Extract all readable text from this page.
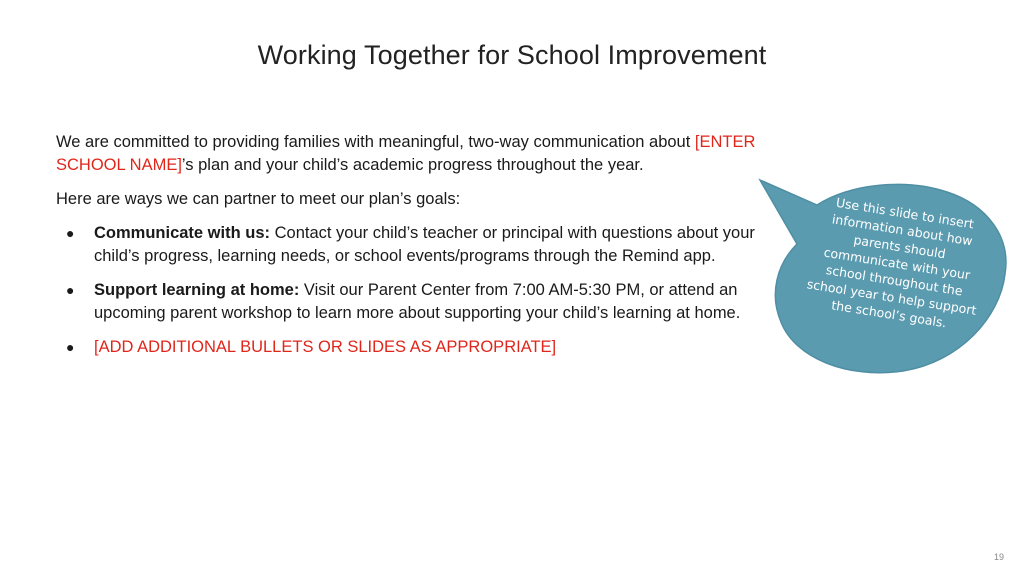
Working Together for School Improvement

We are committed to providing families with meaningful, two-way communication about [ENTER SCHOOL NAME]’s plan and your child’s academic progress throughout the year.

Here are ways we can partner to meet our plan’s goals:

● Communicate with us: Contact your child’s teacher or principal with questions about your child’s progress, learning needs, or school events/programs through the Remind app.
● Support learning at home: Visit our Parent Center from 7:00 AM-5:30 PM, or attend an upcoming parent workshop to learn more about supporting your child’s learning at home.
● [ADD ADDITIONAL BULLETS OR SLIDES AS APPROPRIATE]
Use this slide to insert information about how parents should communicate with your school throughout the school year to help support the school’s goals.
19
